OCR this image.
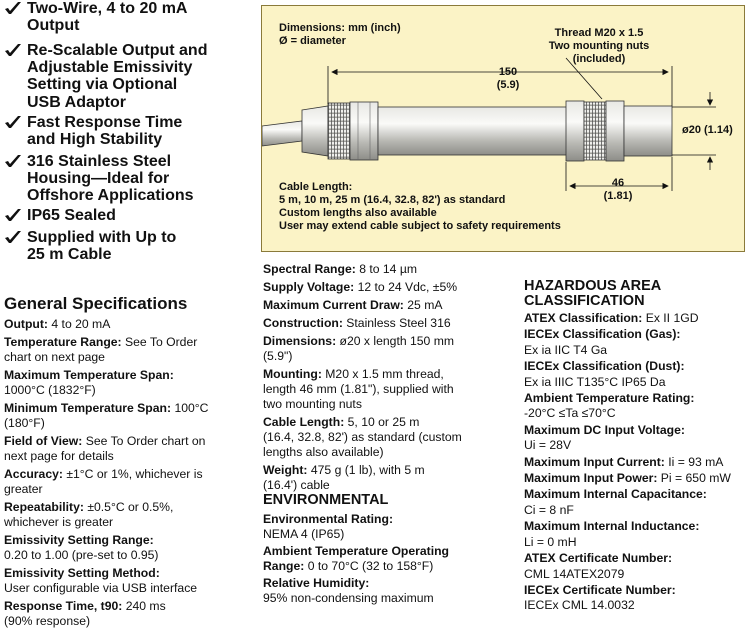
Two-Wire, 4 to 20 mA
Output
Re-Scalable Output and
Adjustable Emissivity
Setting via Optional
USB Adaptor
Fast Response Time
and High Stability
316 Stainless Steel
Housing—Ideal for
Offshore Applications
IP65 Sealed
Supplied with Up to
25 m Cable
Dimensions: mm (inch)
Ø = diameter
Thread M20 x 1.5
Two mounting nuts
(included)
150
(5.9)
ø20 (1.14)
46
(1.81)
Cable Length:
5 m, 10 m, 25 m (16.4, 32.8, 82') as standard
Custom lengths also available
User may extend cable subject to safety requirements
General Specifications
Output: 4 to 20 mA
Temperature Range: See To Order
chart on next page
Maximum Temperature Span:
1000°C (1832°F)
Minimum Temperature Span: 100°C
(180°F)
Field of View: See To Order chart on
next page for details
Accuracy: ±1°C or 1%, whichever is
greater
Repeatability: ±0.5°C or 0.5%,
whichever is greater
Emissivity Setting Range:
0.20 to 1.00 (pre-set to 0.95)
Emissivity Setting Method:
User configurable via USB interface
Response Time, t90: 240 ms
(90% response)
Spectral Range: 8 to 14 µm
Supply Voltage: 12 to 24 Vdc, ±5%
Maximum Current Draw: 25 mA
Construction: Stainless Steel 316
Dimensions: ø20 x length 150 mm
(5.9")
Mounting: M20 x 1.5 mm thread,
length 46 mm (1.81"), supplied with
two mounting nuts
Cable Length: 5, 10 or 25 m
(16.4, 32.8, 82') as standard (custom
lengths also available)
Weight: 475 g (1 lb), with 5 m
(16.4') cable
ENVIRONMENTAL
Environmental Rating:
NEMA 4 (IP65)
Ambient Temperature Operating
Range: 0 to 70°C (32 to 158°F)
Relative Humidity:
95% non-condensing maximum
HAZARDOUS AREA
CLASSIFICATION
ATEX Classification: Ex II 1GD
IECEx Classification (Gas):
Ex ia IIC T4 Ga
IECEx Classification (Dust):
Ex ia IIIC T135°C IP65 Da
Ambient Temperature Rating:
-20°C ≤Ta ≤70°C
Maximum DC Input Voltage:
Ui = 28V
Maximum Input Current: Ii = 93 mA
Maximum Input Power: Pi = 650 mW
Maximum Internal Capacitance:
Ci = 8 nF
Maximum Internal Inductance:
Li = 0 mH
ATEX Certificate Number:
CML 14ATEX2079
IECEx Certificate Number:
IECEx CML 14.0032
